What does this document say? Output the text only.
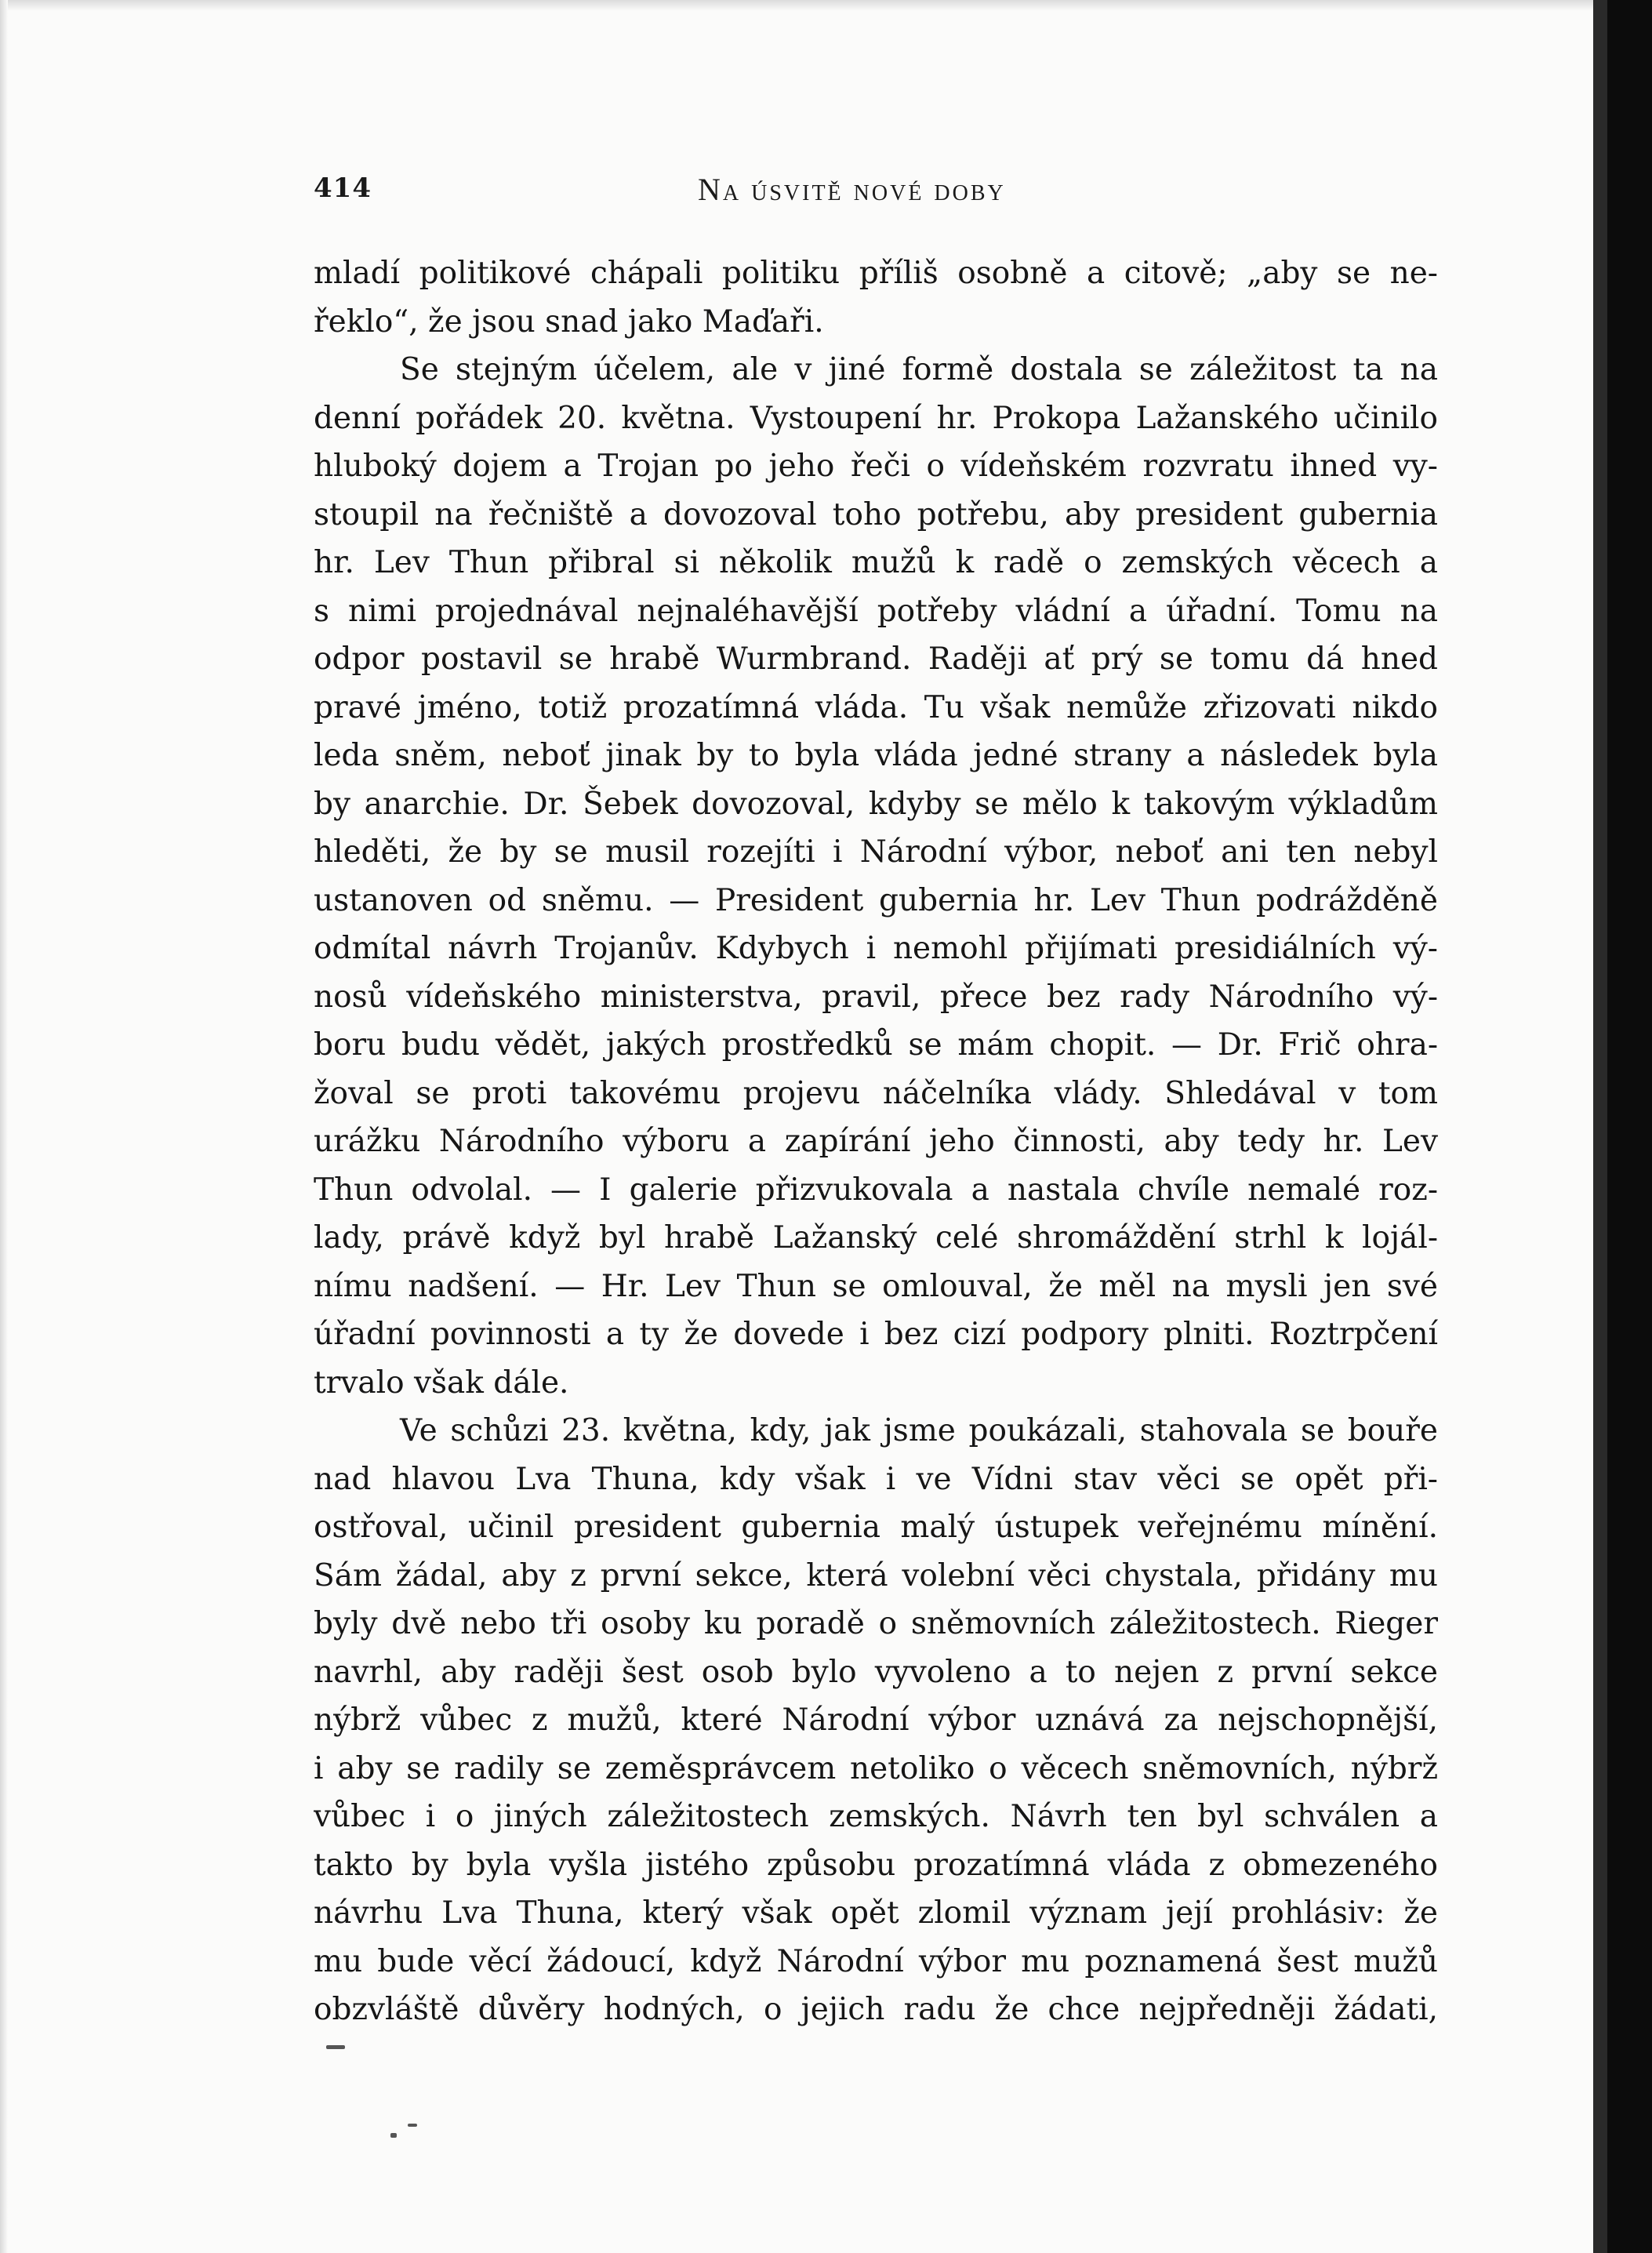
414	Na úsvitě nové doby

mladí politikové chápali politiku příliš osobně a citově; „aby se ne-
řeklo“, že jsou snad jako Maďaři.

Se stejným účelem, ale v jiné formě dostala se záležitost ta na
denní pořádek 20. května. Vystoupení hr. Prokopa Lažanského učinilo
hluboký dojem a Trojan po jeho řeči o vídeňském rozvratu ihned vy-
stoupil na řečniště a dovozoval toho potřebu, aby president gubernia
hr. Lev Thun přibral si několik mužů k radě o zemských věcech a
s nimi projednával nejnaléhavější potřeby vládní a úřadní. Tomu na
odpor postavil se hrabě Wurmbrand. Raději ať prý se tomu dá hned
pravé jméno, totiž prozatímná vláda. Tu však nemůže zřizovati nikdo
leda sněm, neboť jinak by to byla vláda jedné strany a následek byla
by anarchie. Dr. Šebek dovozoval, kdyby se mělo k takovým výkladům
hleděti, že by se musil rozejíti i Národní výbor, neboť ani ten nebyl
ustanoven od sněmu. — President gubernia hr. Lev Thun podrážděně
odmítal návrh Trojanův. Kdybych i nemohl přijímati presidiálních vý-
nosů vídeňského ministerstva, pravil, přece bez rady Národního vý-
boru budu vědět, jakých prostředků se mám chopit. — Dr. Frič ohra-
žoval se proti takovému projevu náčelníka vlády. Shledával v tom
urážku Národního výboru a zapírání jeho činnosti, aby tedy hr. Lev
Thun odvolal. — I galerie přizvukovala a nastala chvíle nemalé roz-
lady, právě když byl hrabě Lažanský celé shromáždění strhl k lojál-
nímu nadšení. — Hr. Lev Thun se omlouval, že měl na mysli jen své
úřadní povinnosti a ty že dovede i bez cizí podpory plniti. Roztrpčení
trvalo však dále.

Ve schůzi 23. května, kdy, jak jsme poukázali, stahovala se bouře
nad hlavou Lva Thuna, kdy však i ve Vídni stav věci se opět při-
ostřoval, učinil president gubernia malý ústupek veřejnému mínění.
Sám žádal, aby z první sekce, která volební věci chystala, přidány mu
byly dvě nebo tři osoby ku poradě o sněmovních záležitostech. Rieger
navrhl, aby raději šest osob bylo vyvoleno a to nejen z první sekce
nýbrž vůbec z mužů, které Národní výbor uznává za nejschopnější,
i aby se radily se zeměsprávcem netoliko o věcech sněmovních, nýbrž
vůbec i o jiných záležitostech zemských. Návrh ten byl schválen a
takto by byla vyšla jistého způsobu prozatímná vláda z obmezeného
návrhu Lva Thuna, který však opět zlomil význam její prohlásiv: že
mu bude věcí žádoucí, když Národní výbor mu poznamená šest mužů
obzvláště důvěry hodných, o jejich radu že chce nejpředněji žádati,
